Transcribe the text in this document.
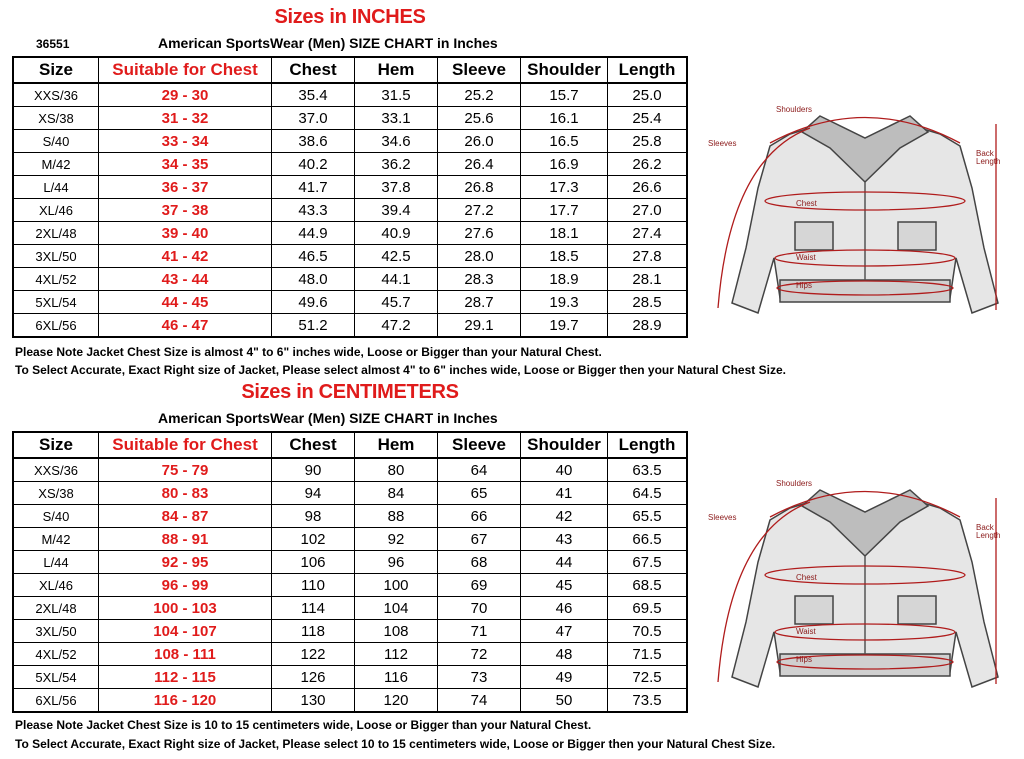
Sizes in INCHES
36551	American SportsWear (Men) SIZE CHART in Inches
Size	Suitable for Chest	Chest	Hem	Sleeve	Shoulder	Length
XXS/36	29 - 30	35.4	31.5	25.2	15.7	25.0
XS/38	31 - 32	37.0	33.1	25.6	16.1	25.4
S/40	33 - 34	38.6	34.6	26.0	16.5	25.8
M/42	34 - 35	40.2	36.2	26.4	16.9	26.2
L/44	36 - 37	41.7	37.8	26.8	17.3	26.6
XL/46	37 - 38	43.3	39.4	27.2	17.7	27.0
2XL/48	39 - 40	44.9	40.9	27.6	18.1	27.4
3XL/50	41 - 42	46.5	42.5	28.0	18.5	27.8
4XL/52	43 - 44	48.0	44.1	28.3	18.9	28.1
5XL/54	44 - 45	49.6	45.7	28.7	19.3	28.5
6XL/56	46 - 47	51.2	47.2	29.1	19.7	28.9
Please Note Jacket Chest Size is almost 4" to 6" inches wide, Loose or Bigger than your Natural Chest.
To Select Accurate, Exact Right size of Jacket, Please select almost 4" to 6" inches wide, Loose or Bigger then your Natural Chest Size.
Sizes in CENTIMETERS
American SportsWear (Men) SIZE CHART in Inches
Size	Suitable for Chest	Chest	Hem	Sleeve	Shoulder	Length
XXS/36	75 - 79	90	80	64	40	63.5
XS/38	80 - 83	94	84	65	41	64.5
S/40	84 - 87	98	88	66	42	65.5
M/42	88 - 91	102	92	67	43	66.5
L/44	92 - 95	106	96	68	44	67.5
XL/46	96 - 99	110	100	69	45	68.5
2XL/48	100 - 103	114	104	70	46	69.5
3XL/50	104 - 107	118	108	71	47	70.5
4XL/52	108 - 111	122	112	72	48	71.5
5XL/54	112 - 115	126	116	73	49	72.5
6XL/56	116 - 120	130	120	74	50	73.5
Please Note Jacket Chest Size is 10 to 15 centimeters wide, Loose or Bigger than your Natural Chest.
To Select Accurate, Exact Right size of Jacket, Please select 10 to 15 centimeters wide, Loose or Bigger then your Natural Chest Size.
Shoulders
Sleeves
Back
Length
Chest
Waist
Hips
Shoulders
Sleeves
Back
Length
Chest
Waist
Hips
